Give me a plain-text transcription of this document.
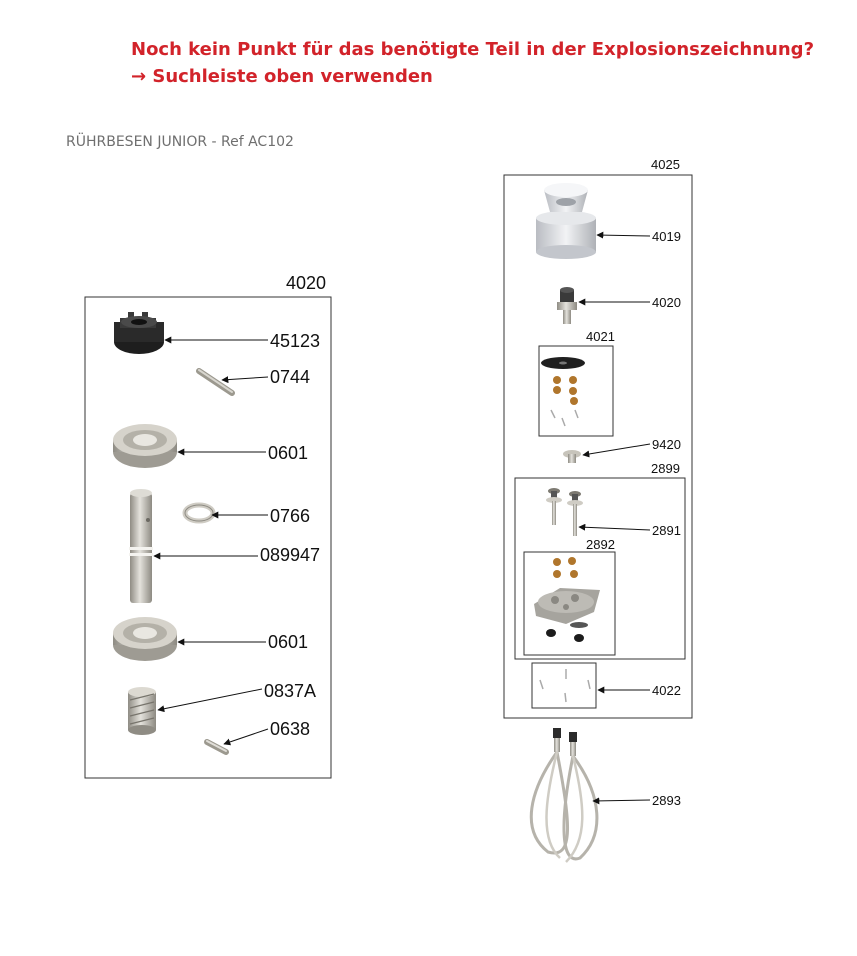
Noch kein Punkt für das benötigte Teil in der Explosionszeichnung?
→ Suchleiste oben verwenden

RÜHRBESEN JUNIOR - Ref AC102

4020
45123
0744
0601
0766
089947
0601
0837A
0638
4025
4019
4020
4021
9420
2899
2891
2892
4022
2893
